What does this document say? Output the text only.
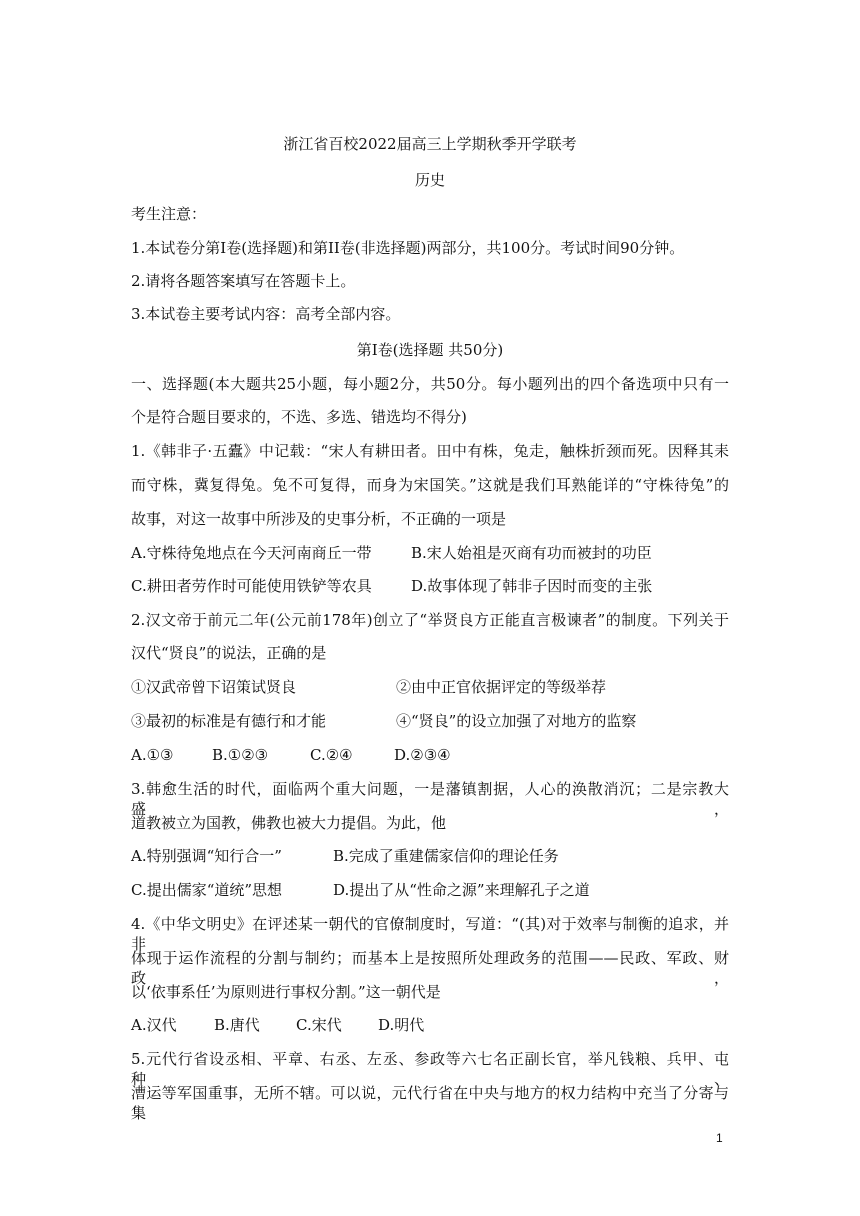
浙江省百校2022届高三上学期秋季开学联考
历史
考生注意：
1.本试卷分第I卷(选择题)和第II卷(非选择题)两部分，共100分。考试时间90分钟。
2.请将各题答案填写在答题卡上。
3.本试卷主要考试内容：高考全部内容。
第I卷(选择题 共50分)
一、选择题(本大题共25小题，每小题2分，共50分。每小题列出的四个备选项中只有一
个是符合题目要求的，不选、多选、错选均不得分)
1.《韩非子·五蠹》中记载：“宋人有耕田者。田中有株，兔走，触株折颈而死。因释其耒
而守株，冀复得兔。兔不可复得，而身为宋国笑。”这就是我们耳熟能详的“守株待兔”的
故事，对这一故事中所涉及的史事分析，不正确的一项是
A.守株待兔地点在今天河南商丘一带	B.宋人始祖是灭商有功而被封的功臣
C.耕田者劳作时可能使用铁铲等农具	D.故事体现了韩非子因时而变的主张
2.汉文帝于前元二年(公元前178年)创立了“举贤良方正能直言极谏者”的制度。下列关于
汉代“贤良”的说法，正确的是
①汉武帝曾下诏策试贤良	②由中正官依据评定的等级举荐
③最初的标准是有德行和才能	④“贤良”的设立加强了对地方的监察
A.①③	B.①②③	C.②④	D.②③④
3.韩愈生活的时代，面临两个重大问题，一是藩镇割据，人心的涣散消沉；二是宗教大盛，
道教被立为国教，佛教也被大力提倡。为此，他
A.特别强调“知行合一”	B.完成了重建儒家信仰的理论任务
C.提出儒家“道统”思想	D.提出了从“性命之源”来理解孔子之道
4.《中华文明史》在评述某一朝代的官僚制度时，写道：“(其)对于效率与制衡的追求，并非
体现于运作流程的分割与制约；而基本上是按照所处理政务的范围——民政、军政、财政，
以‘依事系任’为原则进行事权分割。”这一朝代是
A.汉代 B.唐代 C.宋代 D.明代
5.元代行省设丞相、平章、右丞、左丞、参政等六七名正副长官，举凡钱粮、兵甲、屯种、
漕运等军国重事，无所不辖。可以说，元代行省在中央与地方的权力结构中充当了分寄与集
1
